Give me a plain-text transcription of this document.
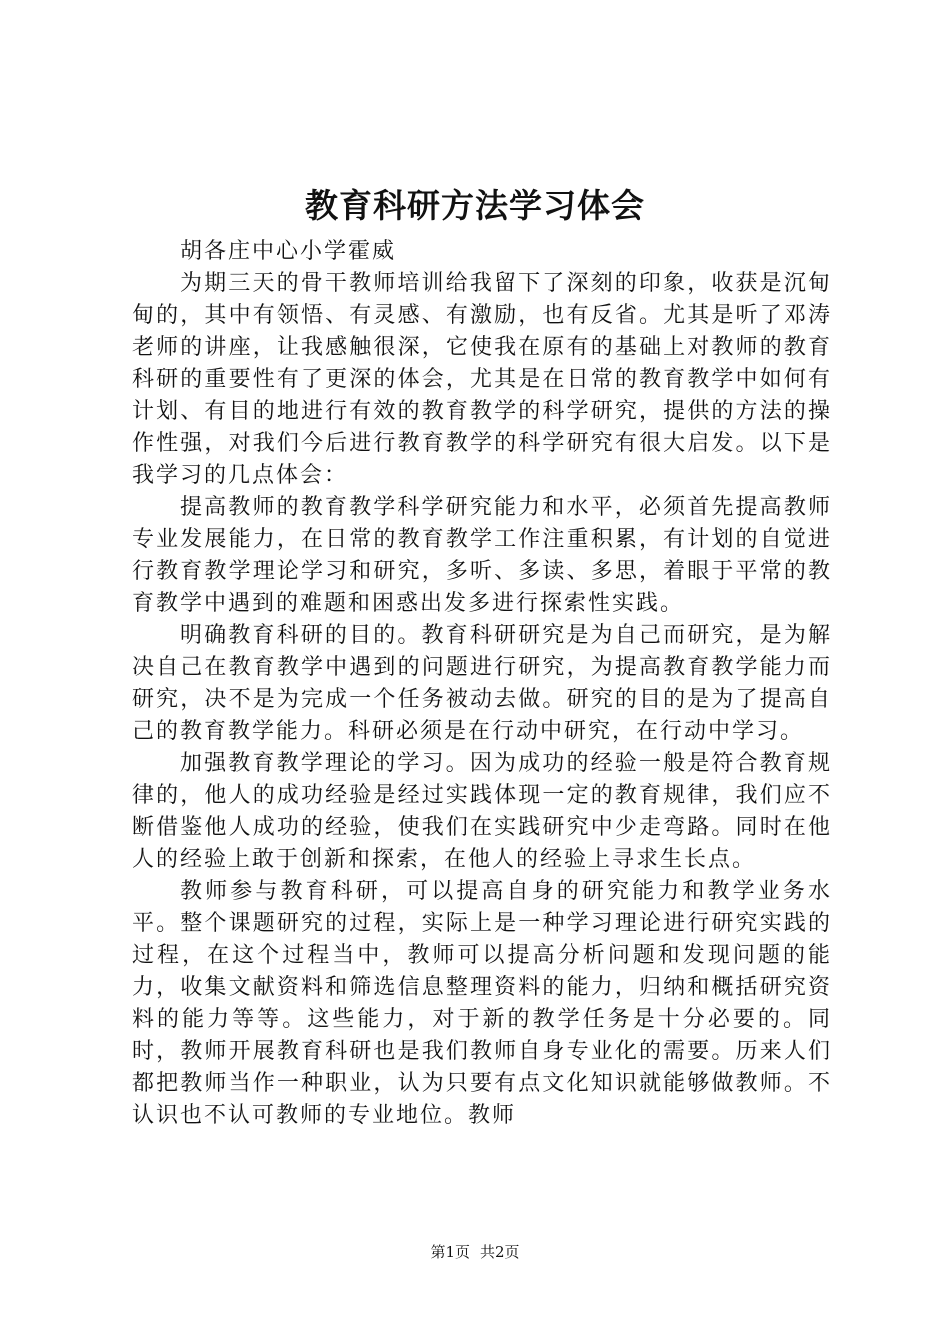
教育科研方法学习体会

胡各庄中心小学霍威

为期三天的骨干教师培训给我留下了深刻的印象，收获是沉甸甸的，其中有领悟、有灵感、有激励，也有反省。尤其是听了邓涛老师的讲座，让我感触很深，它使我在原有的基础上对教师的教育科研的重要性有了更深的体会，尤其是在日常的教育教学中如何有计划、有目的地进行有效的教育教学的科学研究，提供的方法的操作性强，对我们今后进行教育教学的科学研究有很大启发。以下是我学习的几点体会：

提高教师的教育教学科学研究能力和水平，必须首先提高教师专业发展能力，在日常的教育教学工作注重积累，有计划的自觉进行教育教学理论学习和研究，多听、多读、多思，着眼于平常的教育教学中遇到的难题和困惑出发多进行探索性实践。

明确教育科研的目的。教育科研研究是为自己而研究，是为解决自己在教育教学中遇到的问题进行研究，为提高教育教学能力而研究，决不是为完成一个任务被动去做。研究的目的是为了提高自己的教育教学能力。科研必须是在行动中研究，在行动中学习。

加强教育教学理论的学习。因为成功的经验一般是符合教育规律的，他人的成功经验是经过实践体现一定的教育规律，我们应不断借鉴他人成功的经验，使我们在实践研究中少走弯路。同时在他人的经验上敢于创新和探索，在他人的经验上寻求生长点。

教师参与教育科研，可以提高自身的研究能力和教学业务水平。整个课题研究的过程，实际上是一种学习理论进行研究实践的过程，在这个过程当中，教师可以提高分析问题和发现问题的能力，收集文献资料和筛选信息整理资料的能力，归纳和概括研究资料的能力等等。这些能力，对于新的教学任务是十分必要的。同时，教师开展教育科研也是我们教师自身专业化的需要。历来人们都把教师当作一种职业，认为只要有点文化知识就能够做教师。不认识也不认可教师的专业地位。教师

第1页 共2页
